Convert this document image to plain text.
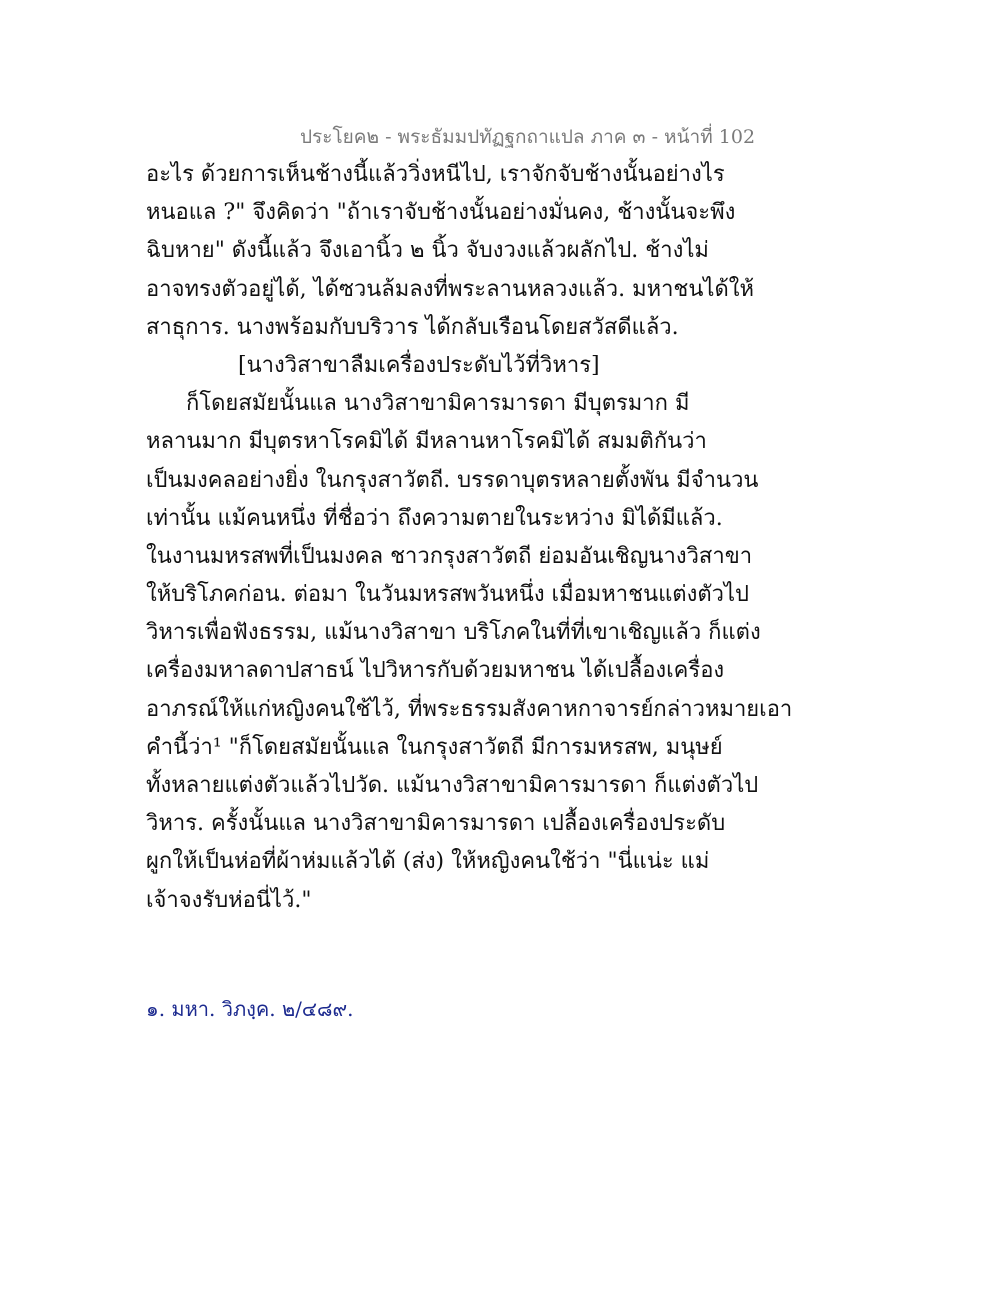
ประโยค๒ - พระธัมมปทัฏฐกถาแปล ภาค ๓ - หน้าที่ 102
อะไร ด้วยการเห็นช้างนี้แล้ววิ่งหนีไป, เราจักจับช้างนั้นอย่างไร
หนอแล ?" จึงคิดว่า "ถ้าเราจับช้างนั้นอย่างมั่นคง, ช้างนั้นจะพึง
ฉิบหาย" ดังนี้แล้ว จึงเอานิ้ว ๒ นิ้ว จับงวงแล้วผลักไป. ช้างไม่
อาจทรงตัวอยู่ได้, ได้ซวนล้มลงที่พระลานหลวงแล้ว. มหาชนได้ให้
สาธุการ. นางพร้อมกับบริวาร ได้กลับเรือนโดยสวัสดีแล้ว.
[นางวิสาขาลืมเครื่องประดับไว้ที่วิหาร]
ก็โดยสมัยนั้นแล นางวิสาขามิคารมารดา มีบุตรมาก มี
หลานมาก มีบุตรหาโรคมิได้ มีหลานหาโรคมิได้ สมมติกันว่า
เป็นมงคลอย่างยิ่ง ในกรุงสาวัตถี. บรรดาบุตรหลายตั้งพัน มีจำนวน
เท่านั้น แม้คนหนึ่ง ที่ชื่อว่า ถึงความตายในระหว่าง มิได้มีแล้ว.
ในงานมหรสพที่เป็นมงคล ชาวกรุงสาวัตถี ย่อมอันเชิญนางวิสาขา
ให้บริโภคก่อน. ต่อมา ในวันมหรสพวันหนึ่ง เมื่อมหาชนแต่งตัวไป
วิหารเพื่อฟังธรรม, แม้นางวิสาขา บริโภคในที่ที่เขาเชิญแล้ว ก็แต่ง
เครื่องมหาลดาปสาธน์ ไปวิหารกับด้วยมหาชน ได้เปลื้องเครื่อง
อาภรณ์ให้แก่หญิงคนใช้ไว้, ที่พระธรรมสังคาหกาจารย์กล่าวหมายเอา
คำนี้ว่า¹ "ก็โดยสมัยนั้นแล ในกรุงสาวัตถี มีการมหรสพ, มนุษย์
ทั้งหลายแต่งตัวแล้วไปวัด. แม้นางวิสาขามิคารมารดา ก็แต่งตัวไป
วิหาร. ครั้งนั้นแล นางวิสาขามิคารมารดา เปลื้องเครื่องประดับ
ผูกให้เป็นห่อที่ผ้าห่มแล้วได้ (ส่ง) ให้หญิงคนใช้ว่า "นี่แน่ะ แม่
เจ้าจงรับห่อนี่ไว้."
๑. มหา. วิภงฺค. ๒/๔๘๙.
